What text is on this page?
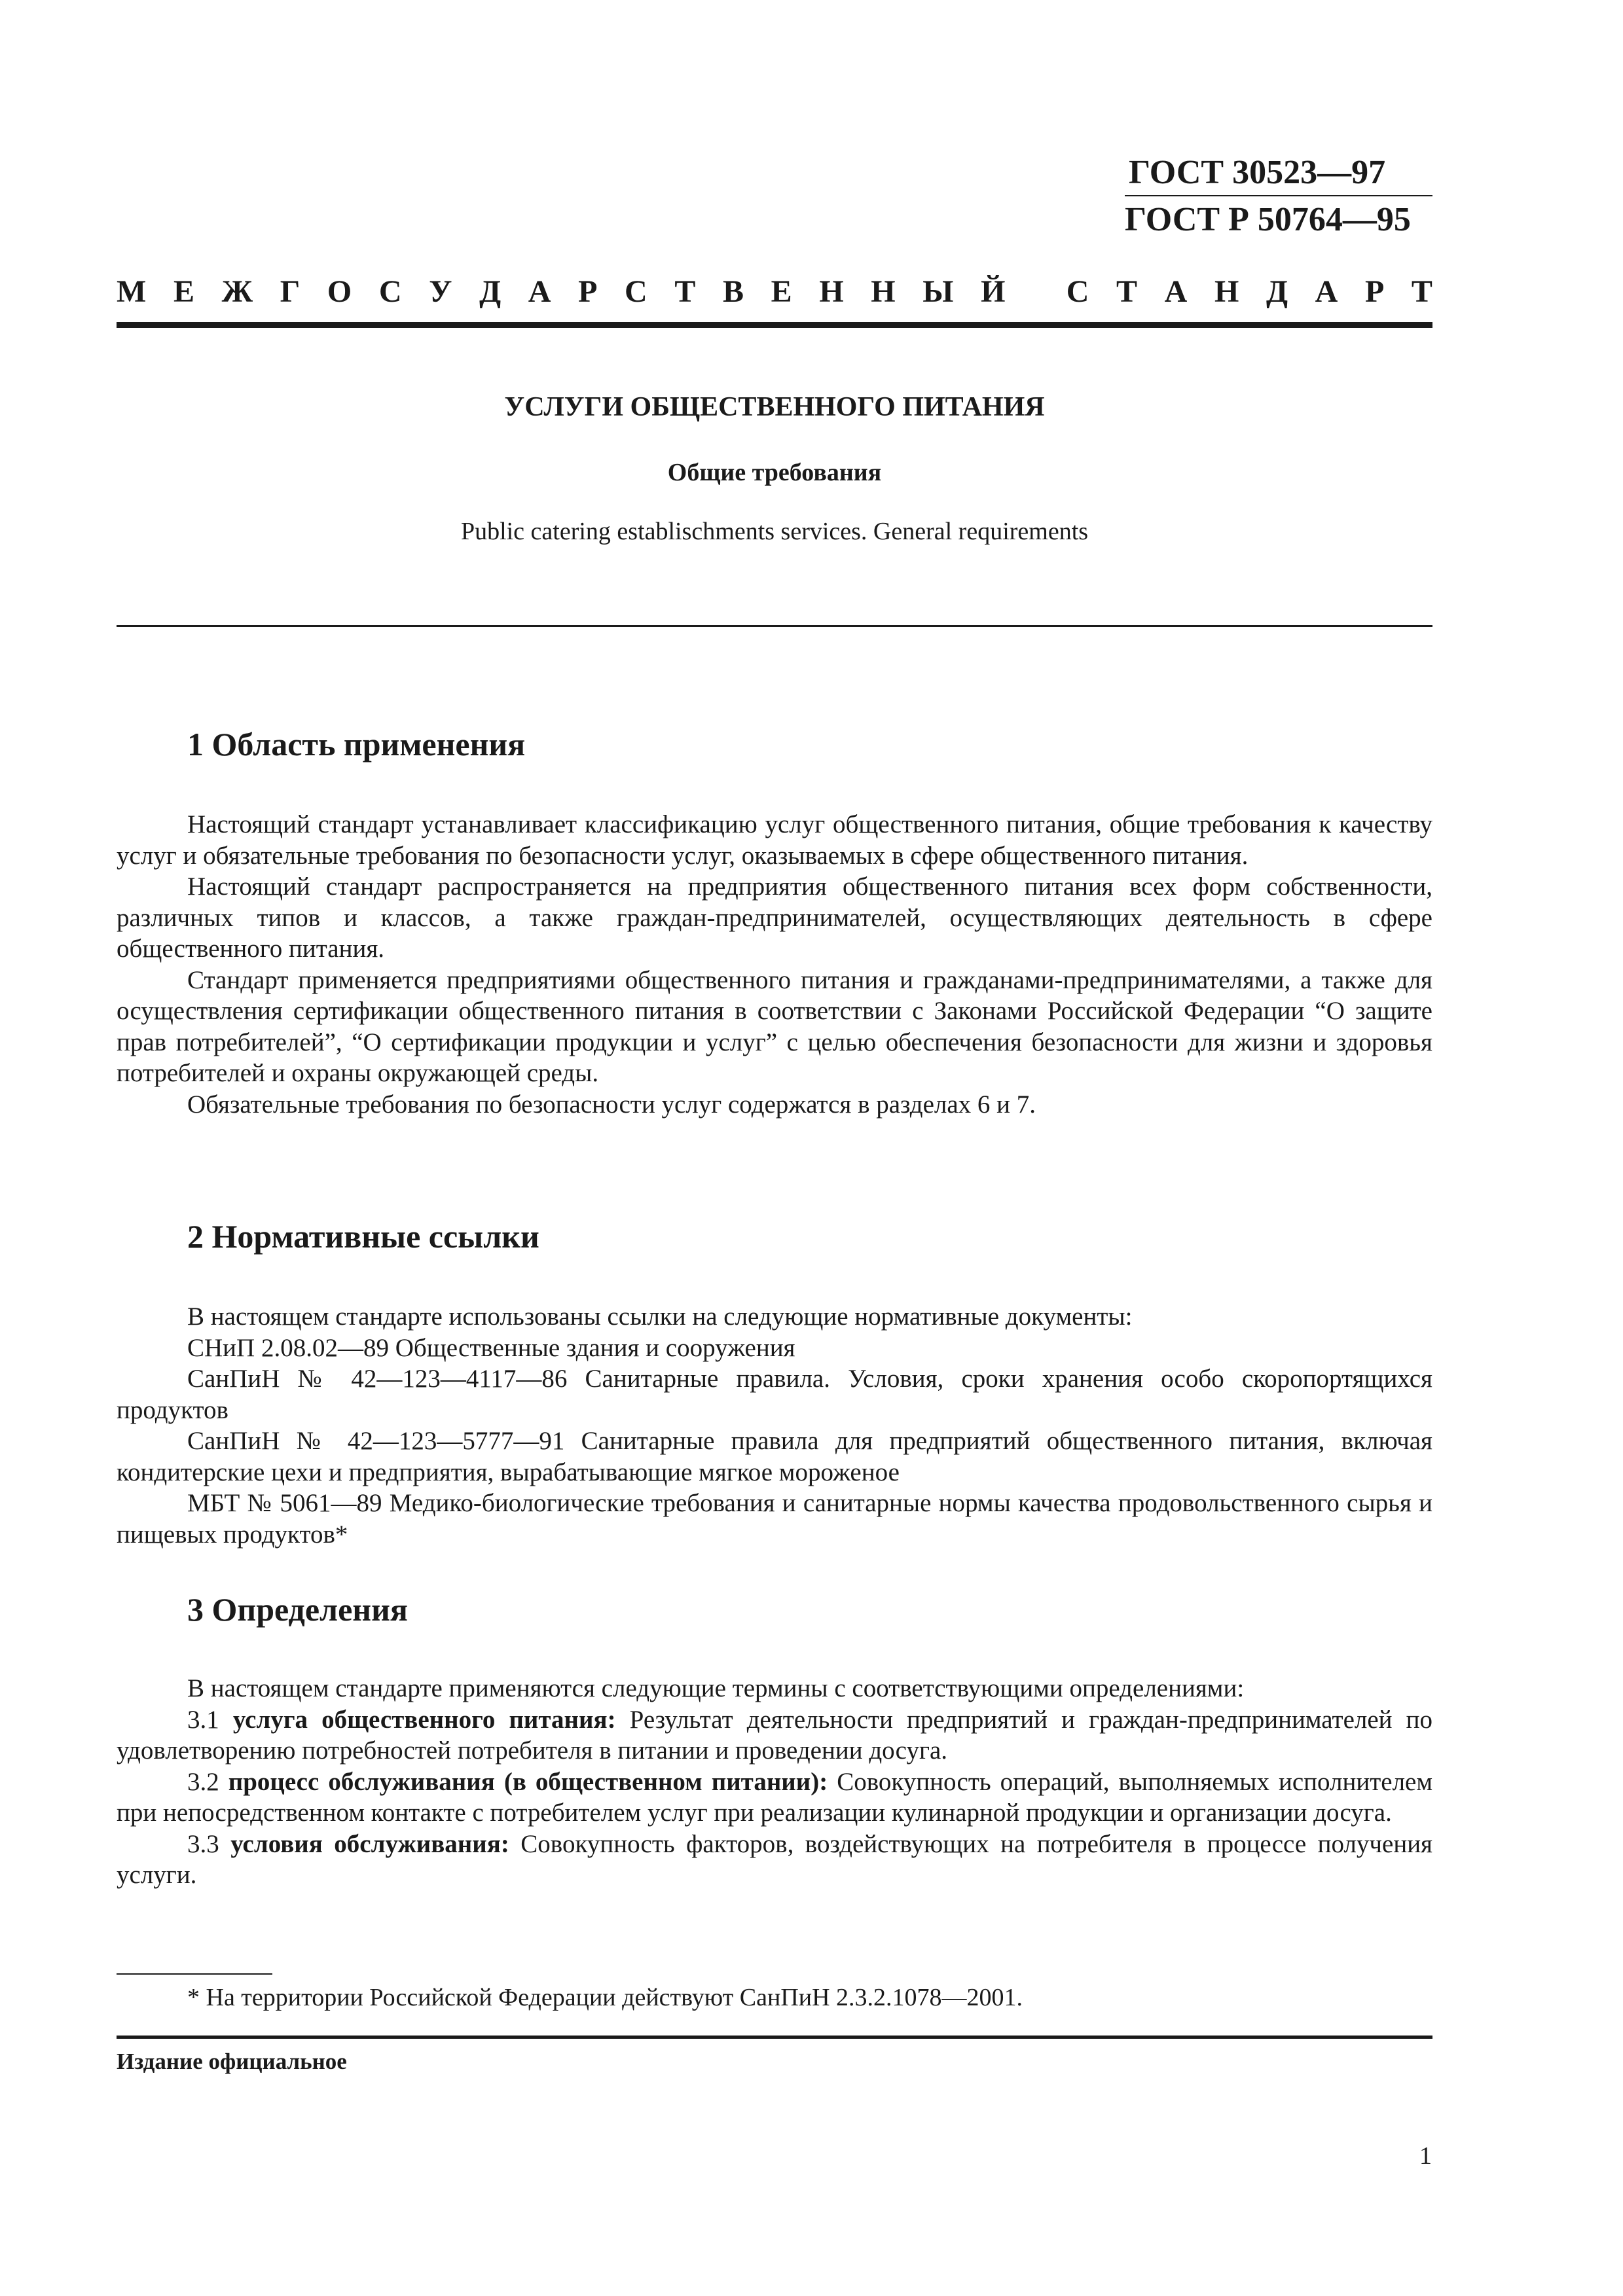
ГОСТ 30523—97
ГОСТ Р 50764—95
М Е Ж Г О С У Д А Р С Т В Е Н Н Ы Й С Т А Н Д А Р Т
УСЛУГИ ОБЩЕСТВЕННОГО ПИТАНИЯ
Общие требования
Public catering establischments services. General requirements
1 Область применения

Настоящий стандарт устанавливает классификацию услуг общественного питания, общие требования к качеству услуг и обязательные требования по безопасности услуг, оказываемых в сфере общественного питания.

Настоящий стандарт распространяется на предприятия общественного питания всех форм собственности, различных типов и классов, а также граждан-предпринимателей, осуществляющих деятельность в сфере общественного питания.

Стандарт применяется предприятиями общественного питания и гражданами-предпринимателями, а также для осуществления сертификации общественного питания в соответствии с Законами Российской Федерации “О защите прав потребителей”, “О сертификации продукции и услуг” с целью обеспечения безопасности для жизни и здоровья потребителей и охраны окружающей среды.

Обязательные требования по безопасности услуг содержатся в разделах 6 и 7.

2 Нормативные ссылки

В настоящем стандарте использованы ссылки на следующие нормативные документы:

СНиП 2.08.02—89 Общественные здания и сооружения

СанПиН № 42—123—4117—86 Санитарные правила. Условия, сроки хранения особо скоропортящихся продуктов

СанПиН № 42—123—5777—91 Санитарные правила для предприятий общественного питания, включая кондитерские цехи и предприятия, вырабатывающие мягкое мороженое

МБТ № 5061—89 Медико-биологические требования и санитарные нормы качества продовольственного сырья и пищевых продуктов*

3 Определения

В настоящем стандарте применяются следующие термины с соответствующими определениями:

3.1 услуга общественного питания: Результат деятельности предприятий и граждан-предпринимателей по удовлетворению потребностей потребителя в питании и проведении досуга.

3.2 процесс обслуживания (в общественном питании): Совокупность операций, выполняемых исполнителем при непосредственном контакте с потребителем услуг при реализации кулинарной продукции и организации досуга.

3.3 условия обслуживания: Совокупность факторов, воздействующих на потребителя в процессе получения услуги.

* На территории Российской Федерации действуют СанПиН 2.3.2.1078—2001.
Издание официальное
1
